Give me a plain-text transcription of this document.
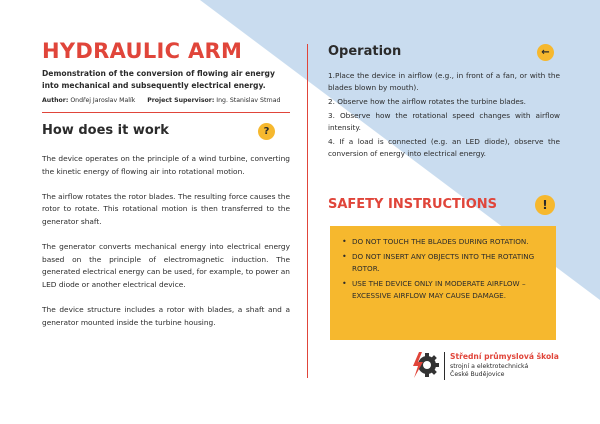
HYDRAULIC ARM

Demonstration of the conversion of flowing air energy into mechanical and subsequently electrical energy.

Author: Ondřej Jaroslav Malík Project Supervisor: Ing. Stanislav Strnad
How does it work	?

The device operates on the principle of a wind turbine, converting the kinetic energy of flowing air into rotational motion.

The airflow rotates the rotor blades. The resulting force causes the rotor to rotate. This rotational motion is then transferred to the generator shaft.

The generator converts mechanical energy into electrical energy based on the principle of electromagnetic induction. The generated electrical energy can be used, for example, to power an LED diode or another electrical device.

The device structure includes a rotor with blades, a shaft and a generator mounted inside the turbine housing.

Operation	←
1.Place the device in airflow (e.g., in front of a fan, or with the blades blown by mouth).
2. Observe how the airflow rotates the turbine blades.
3. Observe how the rotational speed changes with airflow intensity.
4. If a load is connected (e.g. an LED diode), observe the conversion of energy into electrical energy.
SAFETY INSTRUCTIONS	!
• DO NOT TOUCH THE BLADES DURING ROTATION.
• DO NOT INSERT ANY OBJECTS INTO THE ROTATING ROTOR.
• USE THE DEVICE ONLY IN MODERATE AIRFLOW – EXCESSIVE AIRFLOW MAY CAUSE DAMAGE.
Střední průmyslová škola
strojní a elektrotechnická
České Budějovice
